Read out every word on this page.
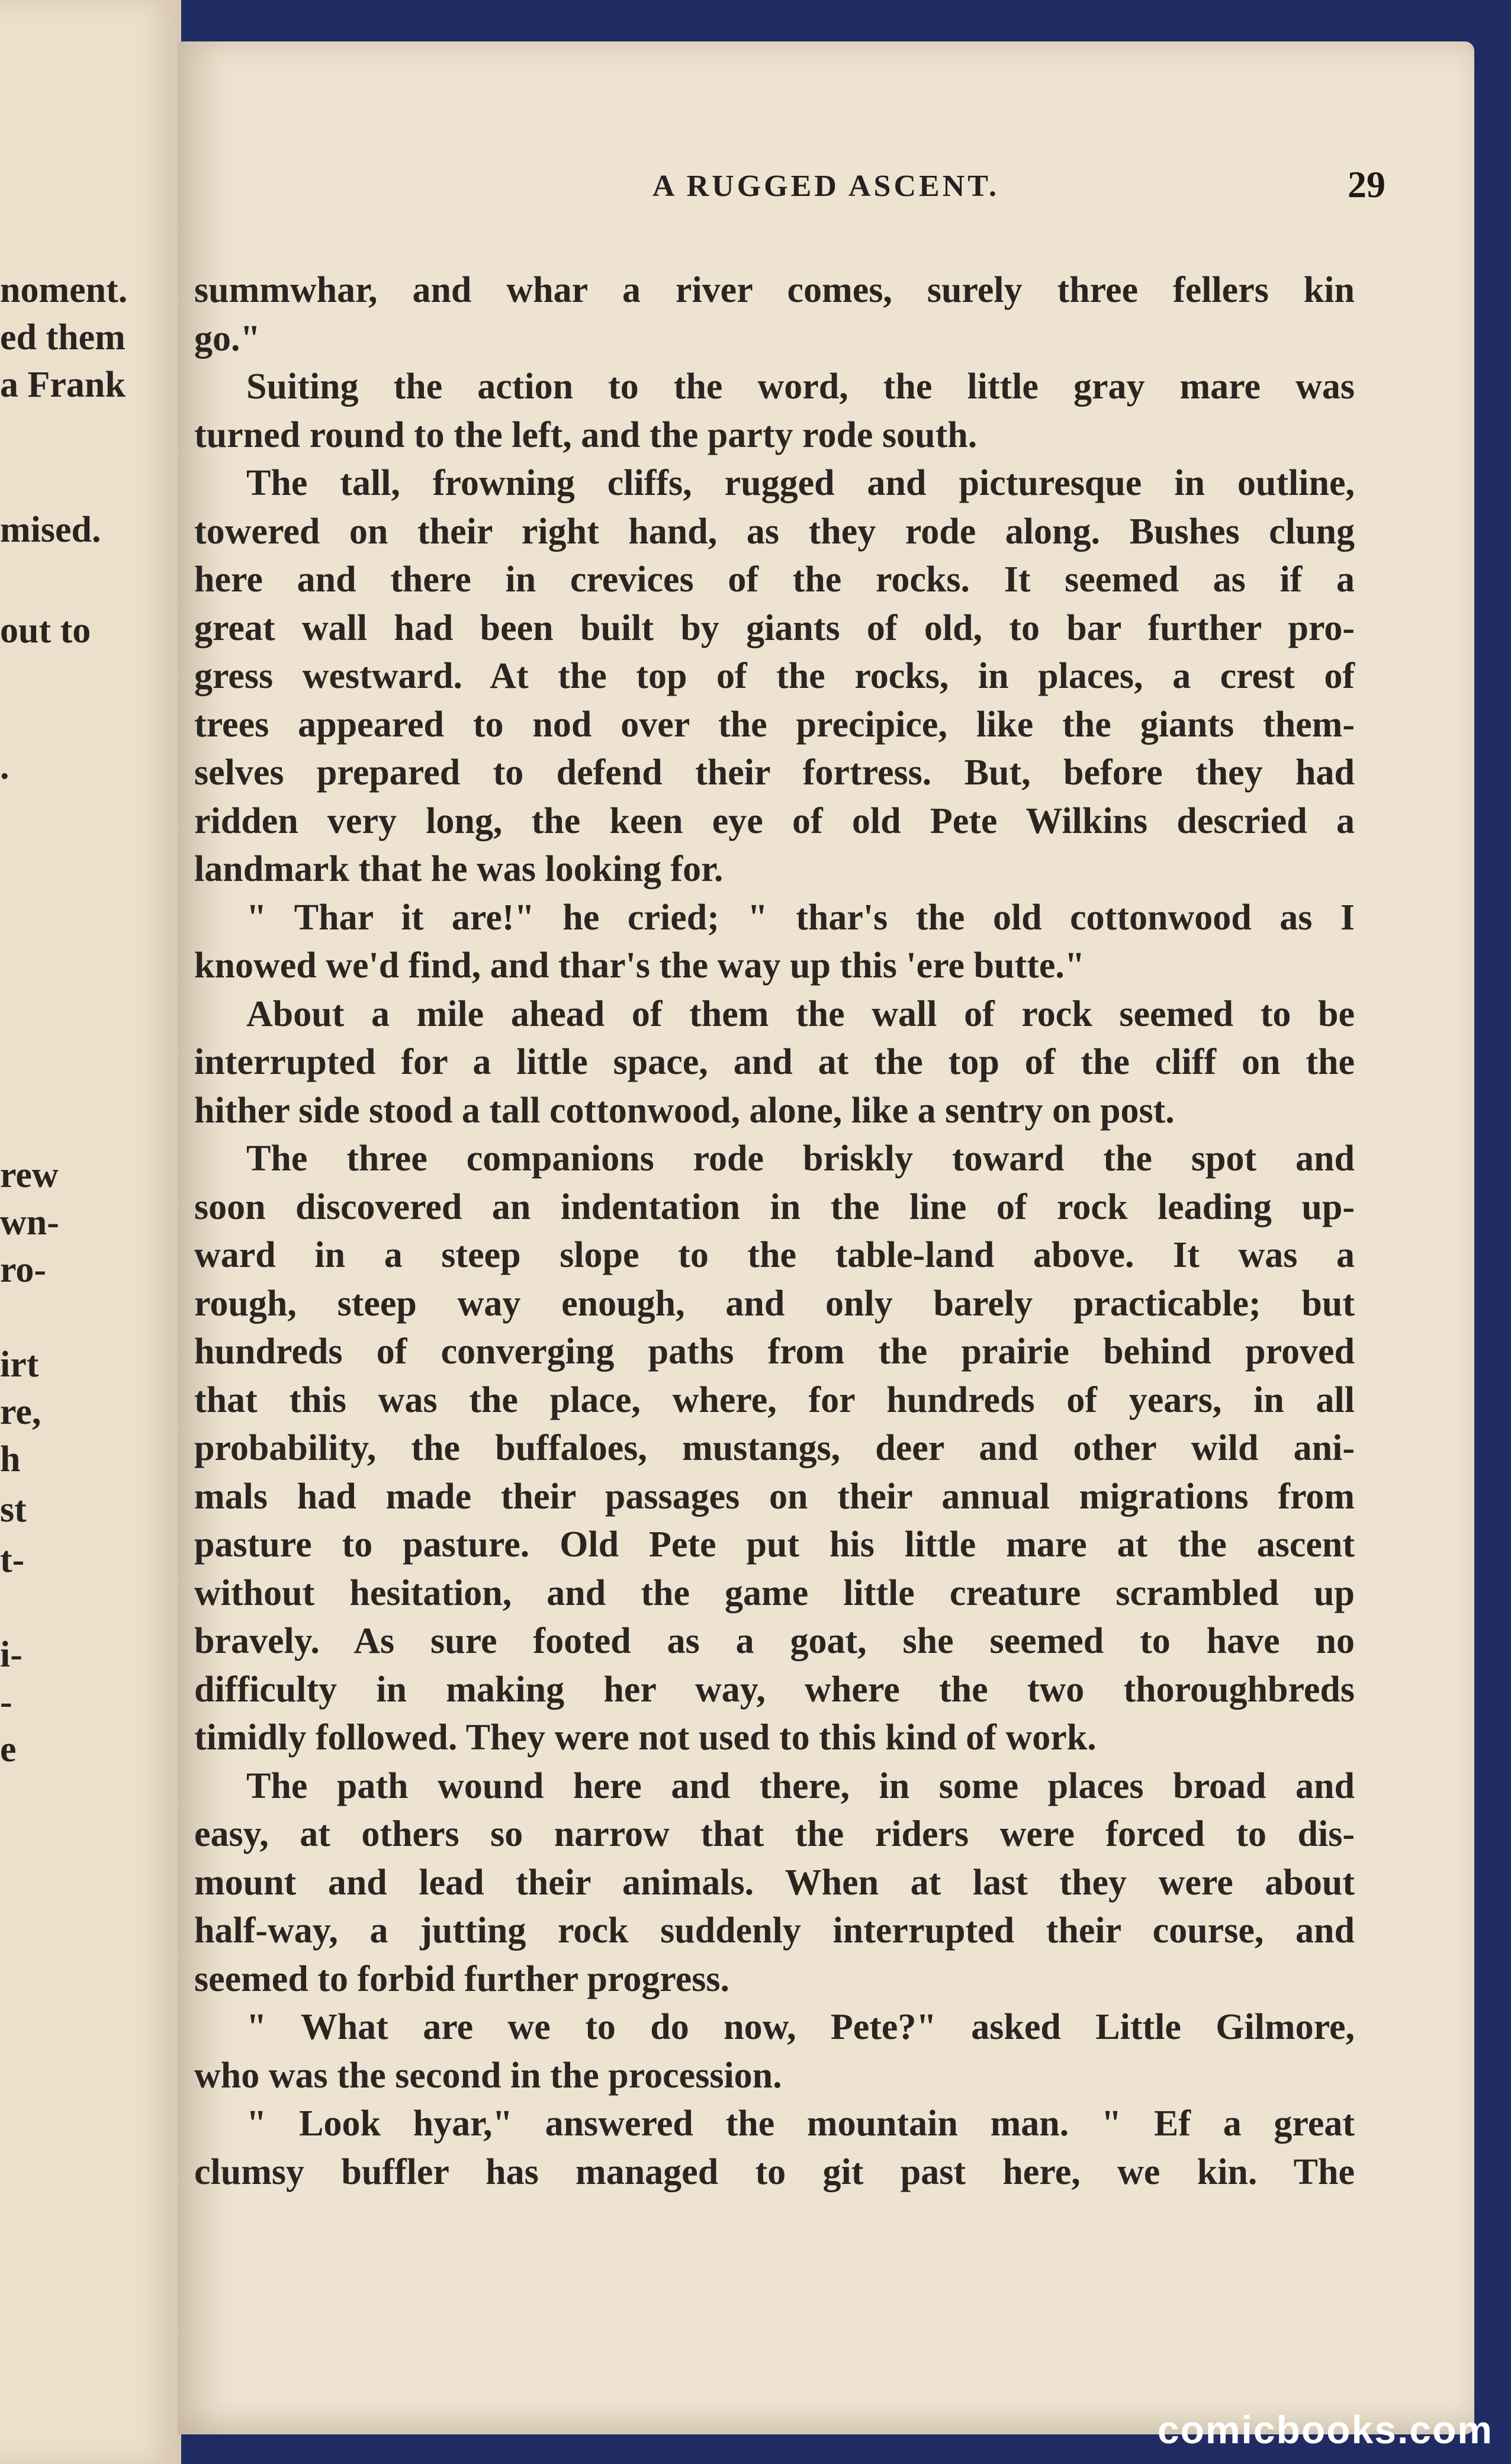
noment.
ed them
a Frank
mised.
out to
.
rew
wn-
ro-
irt
re,
h
st
t-
i-
-
e
A RUGGED ASCENT.	29
summwhar, and whar a river comes, surely three fellers kin
go."
Suiting the action to the word, the little gray mare was
turned round to the left, and the party rode south.
The tall, frowning cliffs, rugged and picturesque in outline,
towered on their right hand, as they rode along. Bushes clung
here and there in crevices of the rocks. It seemed as if a
great wall had been built by giants of old, to bar further pro-
gress westward. At the top of the rocks, in places, a crest of
trees appeared to nod over the precipice, like the giants them-
selves prepared to defend their fortress. But, before they had
ridden very long, the keen eye of old Pete Wilkins descried a
landmark that he was looking for.
" Thar it are!" he cried; " thar's the old cottonwood as I
knowed we'd find, and thar's the way up this 'ere butte."
About a mile ahead of them the wall of rock seemed to be
interrupted for a little space, and at the top of the cliff on the
hither side stood a tall cottonwood, alone, like a sentry on post.
The three companions rode briskly toward the spot and
soon discovered an indentation in the line of rock leading up-
ward in a steep slope to the table-land above. It was a
rough, steep way enough, and only barely practicable; but
hundreds of converging paths from the prairie behind proved
that this was the place, where, for hundreds of years, in all
probability, the buffaloes, mustangs, deer and other wild ani-
mals had made their passages on their annual migrations from
pasture to pasture. Old Pete put his little mare at the ascent
without hesitation, and the game little creature scrambled up
bravely. As sure footed as a goat, she seemed to have no
difficulty in making her way, where the two thoroughbreds
timidly followed. They were not used to this kind of work.
The path wound here and there, in some places broad and
easy, at others so narrow that the riders were forced to dis-
mount and lead their animals. When at last they were about
half-way, a jutting rock suddenly interrupted their course, and
seemed to forbid further progress.
" What are we to do now, Pete?" asked Little Gilmore,
who was the second in the procession.
" Look hyar," answered the mountain man. " Ef a great
clumsy buffler has managed to git past here, we kin. The
comicbooks.com
